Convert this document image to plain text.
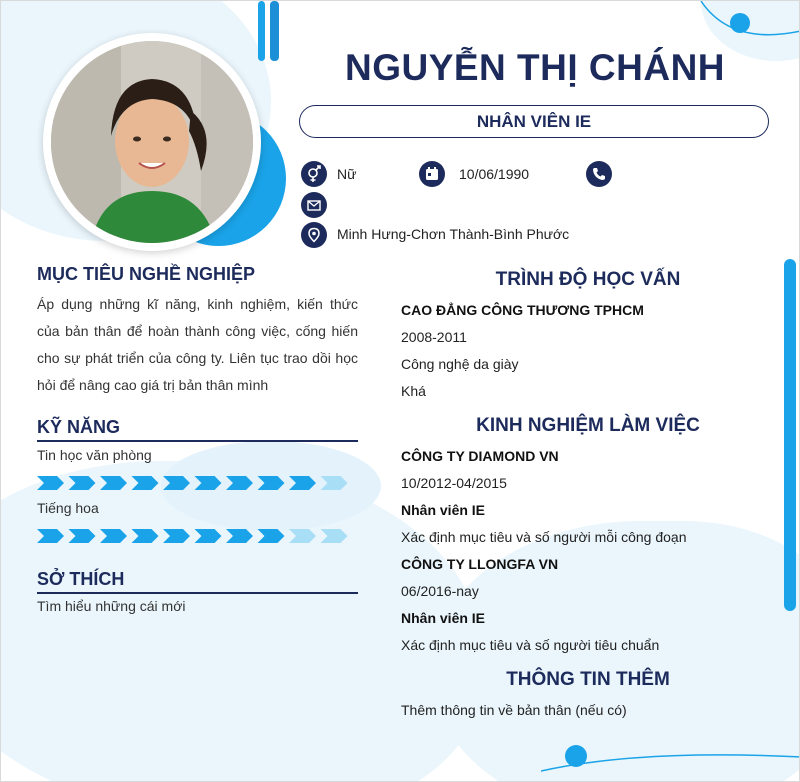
NGUYỄN THỊ CHÁNH
NHÂN VIÊN IE
Nữ	10/06/1990
Minh Hưng-Chơn Thành-Bình Phước
MỤC TIÊU NGHỀ NGHIỆP
Áp dụng những kĩ năng, kinh nghiệm, kiến thức của bản thân để hoàn thành công việc, cống hiến cho sự phát triển của công ty. Liên tục trao dồi học hỏi để nâng cao giá trị bản thân mình
KỸ NĂNG
Tin học văn phòng
Tiếng hoa
SỞ THÍCH
Tìm hiểu những cái mới
TRÌNH ĐỘ HỌC VẤN
CAO ĐẲNG CÔNG THƯƠNG TPHCM
2008-2011
Công nghệ da giày
Khá
KINH NGHIỆM LÀM VIỆC
CÔNG TY DIAMOND VN
10/2012-04/2015
Nhân viên IE
Xác định mục tiêu và số người mỗi công đoạn
CÔNG TY LLONGFA VN
06/2016-nay
Nhân viên IE
Xác định mục tiêu và số người tiêu chuẩn
THÔNG TIN THÊM
Thêm thông tin về bản thân (nếu có)
